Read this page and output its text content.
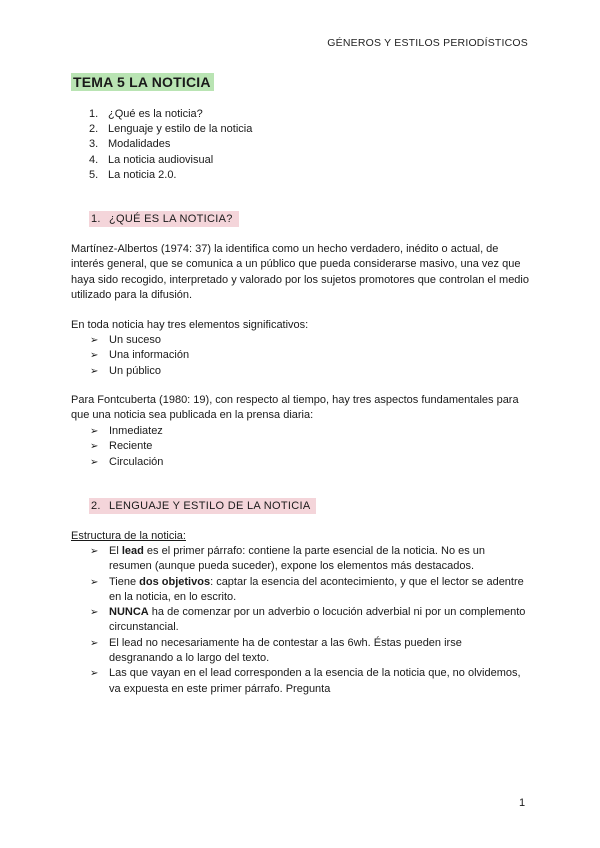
GÉNEROS Y ESTILOS PERIODÍSTICOS
TEMA 5 LA NOTICIA
1. ¿Qué es la noticia?
2. Lenguaje y estilo de la noticia
3. Modalidades
4. La noticia audiovisual
5. La noticia 2.0.
1. ¿QUÉ ES LA NOTICIA?

Martínez-Albertos (1974: 37) la identifica como un hecho verdadero, inédito o actual, de interés general, que se comunica a un público que pueda considerarse masivo, una vez que haya sido recogido, interpretado y valorado por los sujetos promotores que controlan el medio utilizado para la difusión.

En toda noticia hay tres elementos significativos:

➢ Un suceso
➢ Una información
➢ Un público

Para Fontcuberta (1980: 19), con respecto al tiempo, hay tres aspectos fundamentales para que una noticia sea publicada en la prensa diaria:

➢ Inmediatez
➢ Reciente
➢ Circulación
2. LENGUAJE Y ESTILO DE LA NOTICIA

Estructura de la noticia:

➢ El lead es el primer párrafo: contiene la parte esencial de la noticia. No es un resumen (aunque pueda suceder), expone los elementos más destacados.
➢ Tiene dos objetivos: captar la esencia del acontecimiento, y que el lector se adentre en la noticia, en lo escrito.
➢ NUNCA ha de comenzar por un adverbio o locución adverbial ni por un complemento circunstancial.
➢ El lead no necesariamente ha de contestar a las 6wh. Éstas pueden irse desgranando a lo largo del texto.
➢ Las que vayan en el lead corresponden a la esencia de la noticia que, no olvidemos, va expuesta en este primer párrafo. Pregunta
1
